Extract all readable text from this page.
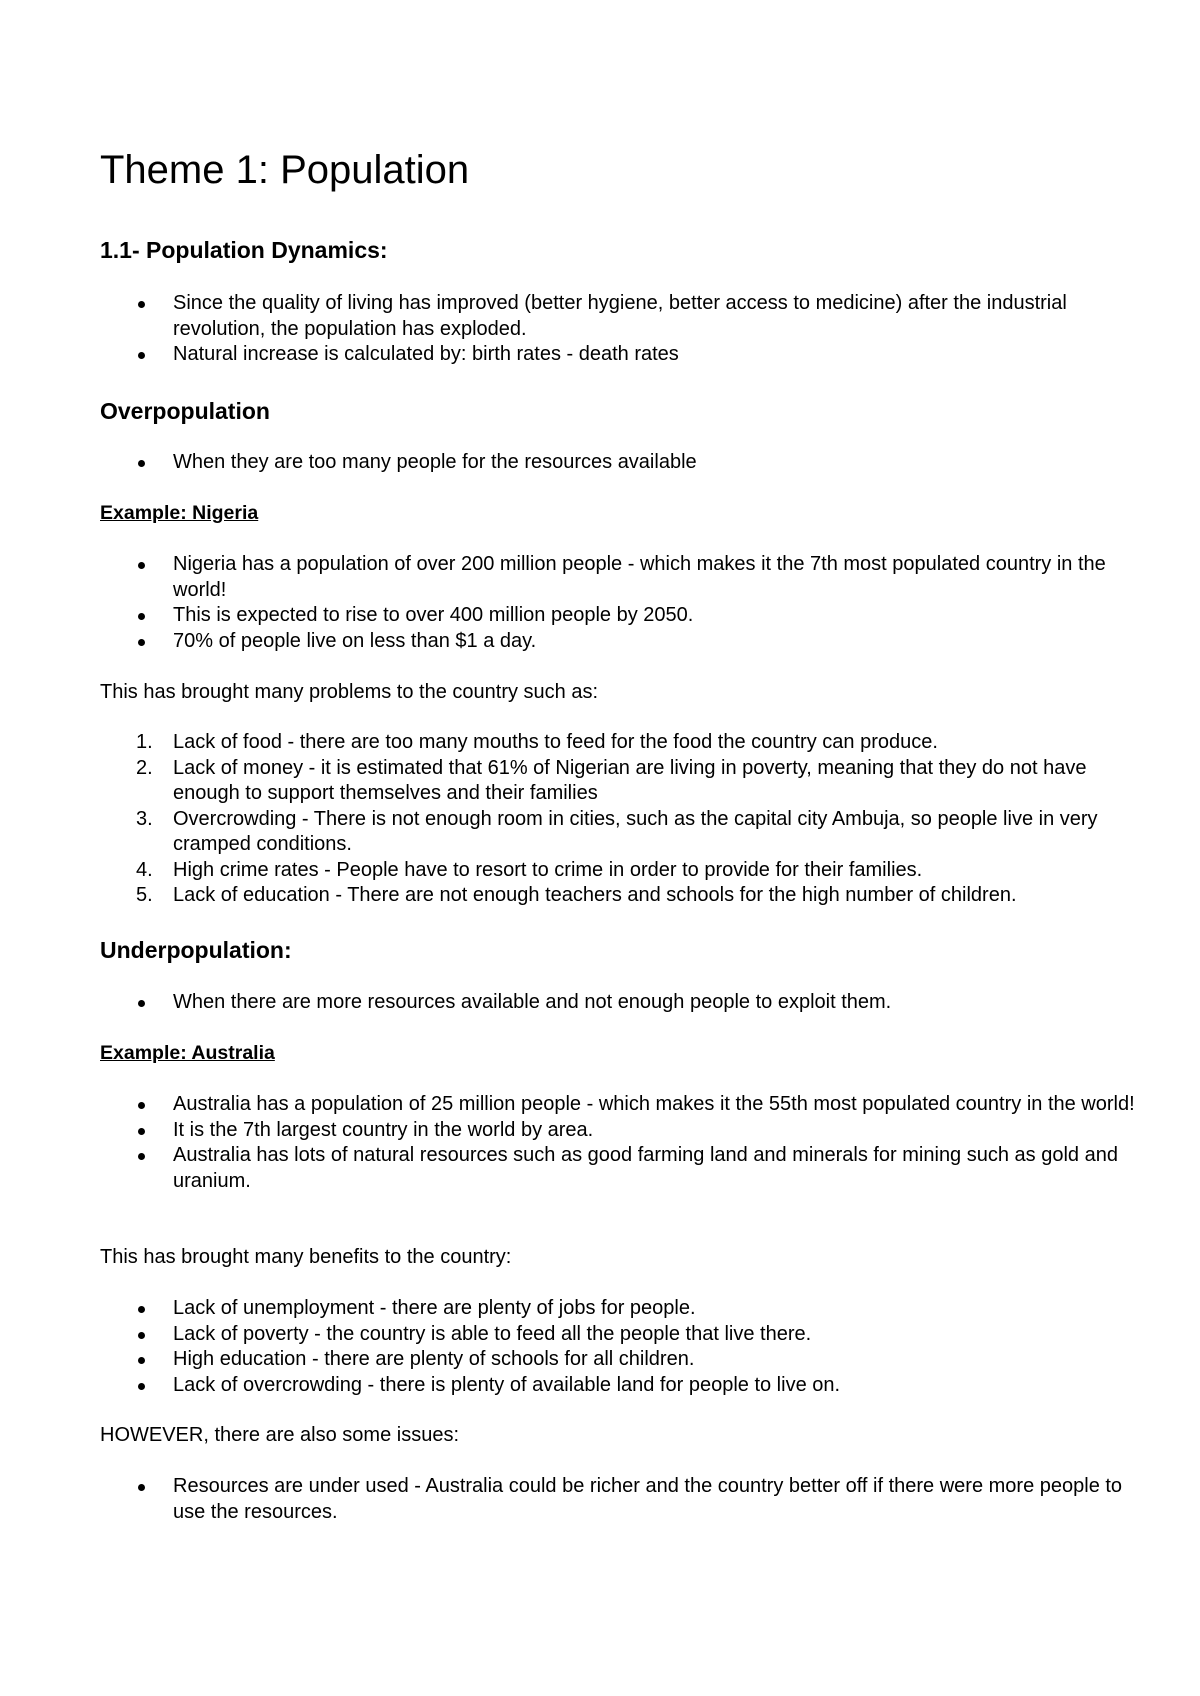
Theme 1: Population
1.1- Population Dynamics:
Since the quality of living has improved (better hygiene, better access to medicine) after the industrial revolution, the population has exploded.
Natural increase is calculated by: birth rates - death rates
Overpopulation
When they are too many people for the resources available
Example: Nigeria
Nigeria has a population of over 200 million people - which makes it the 7th most populated country in the world!
This is expected to rise to over 400 million people by 2050.
70% of people live on less than $1 a day.

This has brought many problems to the country such as:

1. Lack of food - there are too many mouths to feed for the food the country can produce.
2. Lack of money - it is estimated that 61% of Nigerian are living in poverty, meaning that they do not have enough to support themselves and their families
3. Overcrowding - There is not enough room in cities, such as the capital city Ambuja, so people live in very cramped conditions.
4. High crime rates - People have to resort to crime in order to provide for their families.
5. Lack of education - There are not enough teachers and schools for the high number of children.
Underpopulation:
When there are more resources available and not enough people to exploit them.
Example: Australia
Australia has a population of 25 million people - which makes it the 55th most populated country in the world!
It is the 7th largest country in the world by area.
Australia has lots of natural resources such as good farming land and minerals for mining such as gold and uranium.

This has brought many benefits to the country:

Lack of unemployment - there are plenty of jobs for people.
Lack of poverty - the country is able to feed all the people that live there.
High education - there are plenty of schools for all children.
Lack of overcrowding - there is plenty of available land for people to live on.

HOWEVER, there are also some issues:

Resources are under used - Australia could be richer and the country better off if there were more people to use the resources.
